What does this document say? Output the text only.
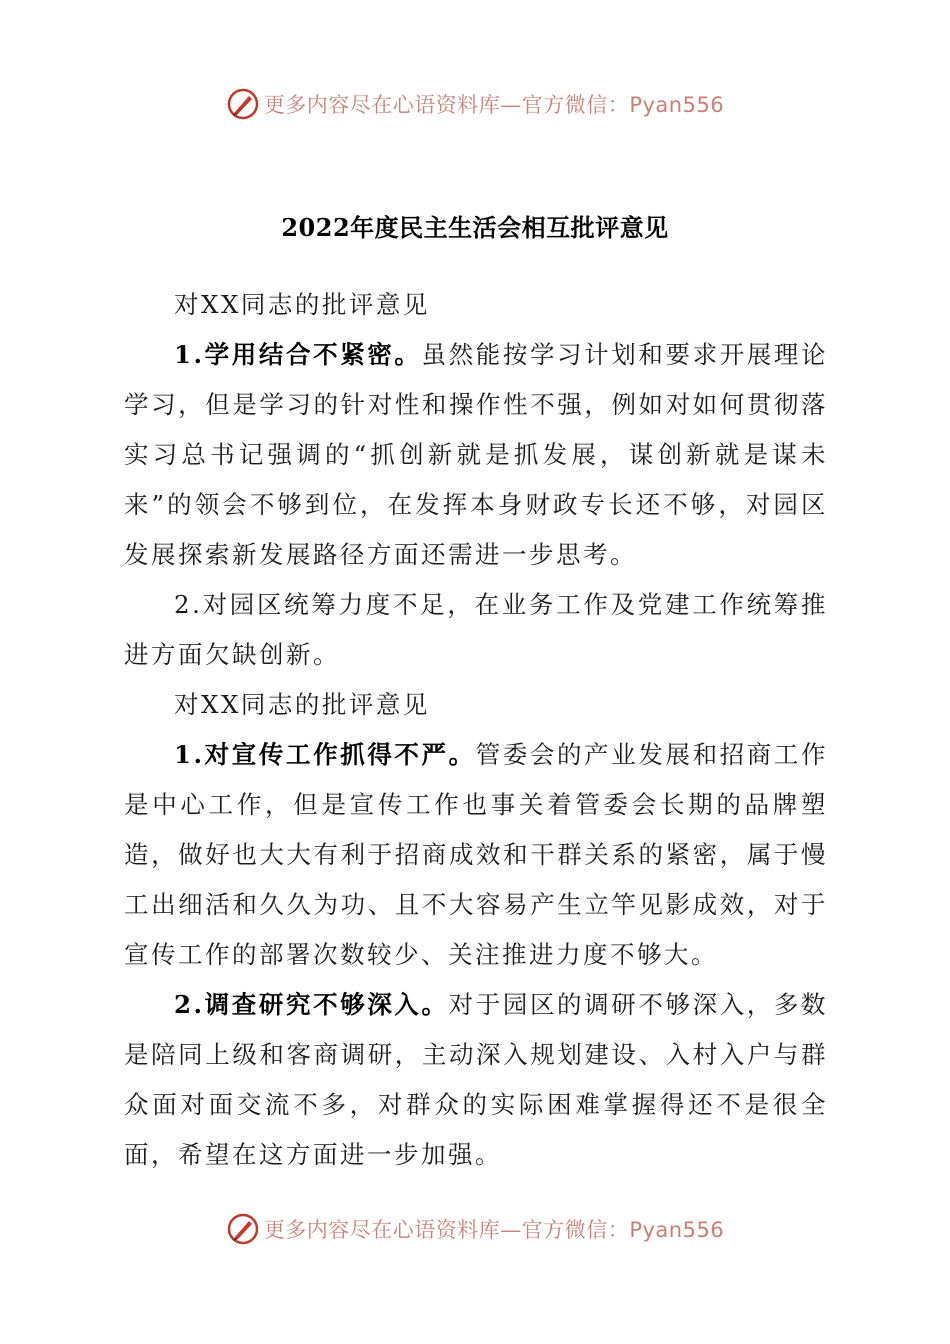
更多内容尽在心语资料库—官方微信：Pyan556
2022年度民主生活会相互批评意见

对XX同志的批评意见

1.学用结合不紧密。虽然能按学习计划和要求开展理论学习，但是学习的针对性和操作性不强，例如对如何贯彻落实习总书记强调的“抓创新就是抓发展，谋创新就是谋未来”的领会不够到位，在发挥本身财政专长还不够，对园区发展探索新发展路径方面还需进一步思考。

2.对园区统筹力度不足，在业务工作及党建工作统筹推进方面欠缺创新。

对XX同志的批评意见

1.对宣传工作抓得不严。管委会的产业发展和招商工作是中心工作，但是宣传工作也事关着管委会长期的品牌塑造，做好也大大有利于招商成效和干群关系的紧密，属于慢工出细活和久久为功、且不大容易产生立竿见影成效，对于宣传工作的部署次数较少、关注推进力度不够大。

2.调查研究不够深入。对于园区的调研不够深入，多数是陪同上级和客商调研，主动深入规划建设、入村入户与群众面对面交流不多，对群众的实际困难掌握得还不是很全面，希望在这方面进一步加强。

更多内容尽在心语资料库—官方微信：Pyan556
